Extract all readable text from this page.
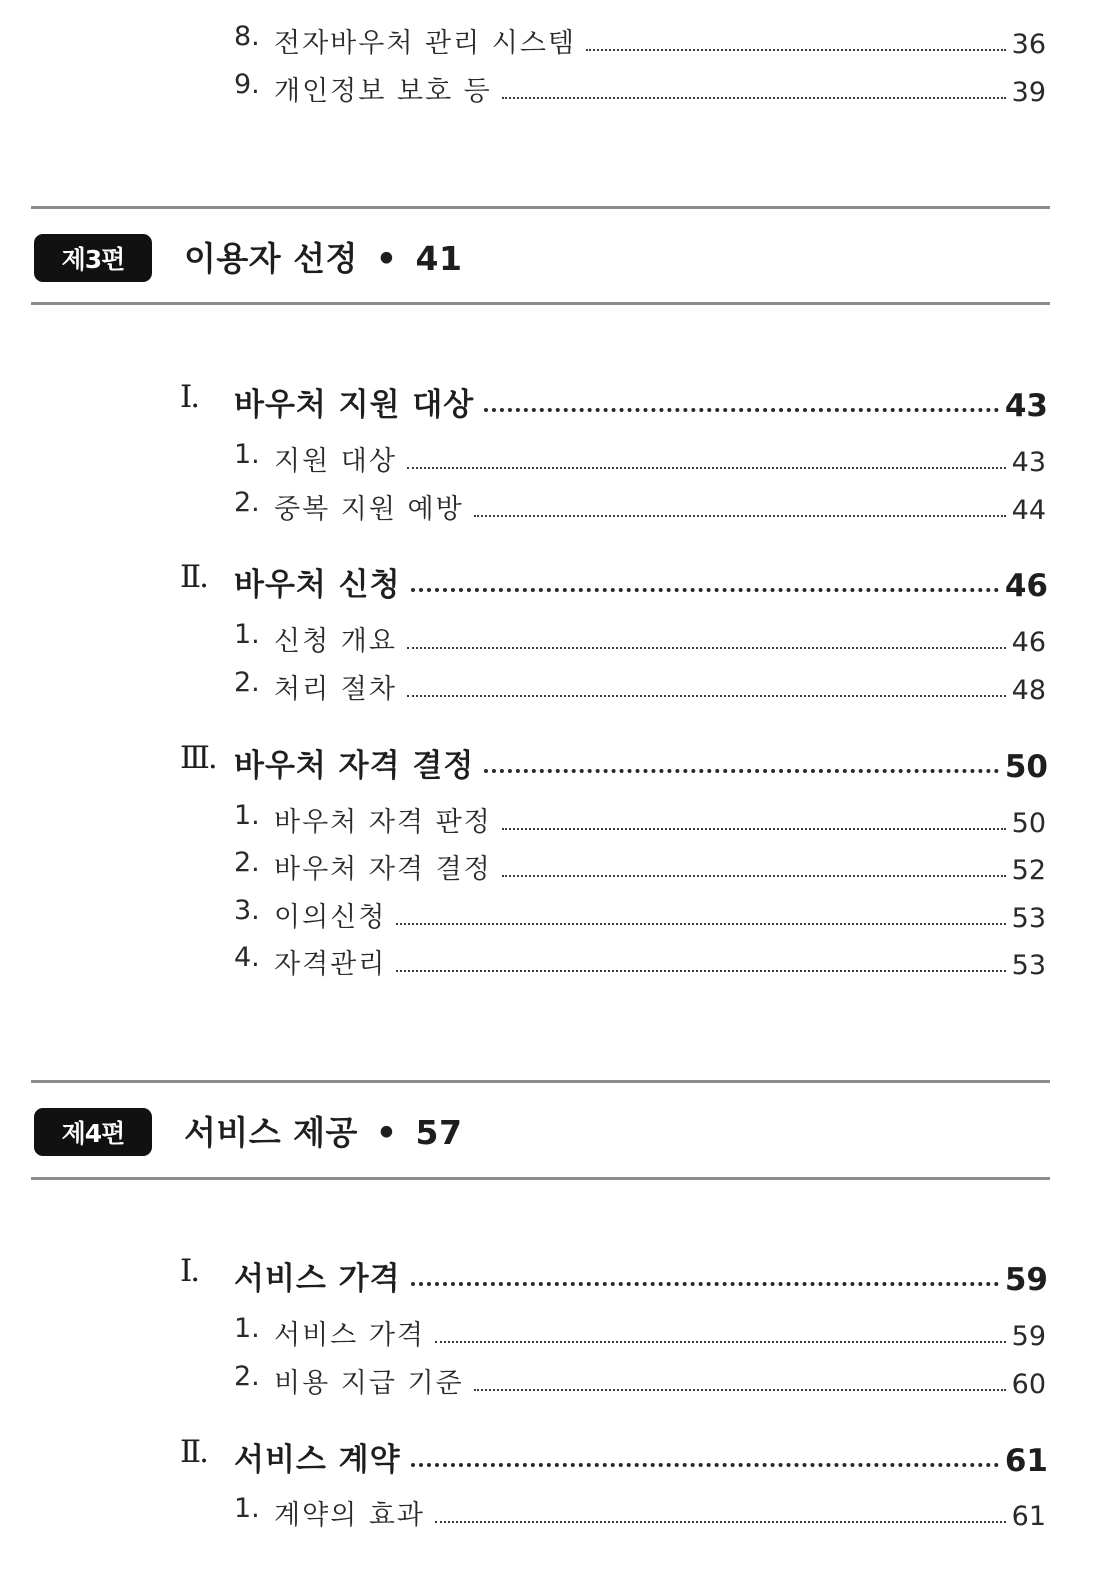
8. 전자바우처 관리 시스템	36
9. 개인정보 보호 등	39
제3편	이용자 선정 • 41
Ⅰ.	바우처 지원 대상	43
1. 지원 대상	43
2. 중복 지원 예방	44
Ⅱ. 바우처 신청	46
1. 신청 개요	46
2. 처리 절차	48
Ⅲ. 바우처 자격 결정	50
1. 바우처 자격 판정	50
2. 바우처 자격 결정	52
3. 이의신청	53
4. 자격관리	53
제4편	서비스 제공 • 57
Ⅰ.	서비스 가격	59
1. 서비스 가격	59
2. 비용 지급 기준	60
Ⅱ. 서비스 계약	61
1. 계약의 효과	61
